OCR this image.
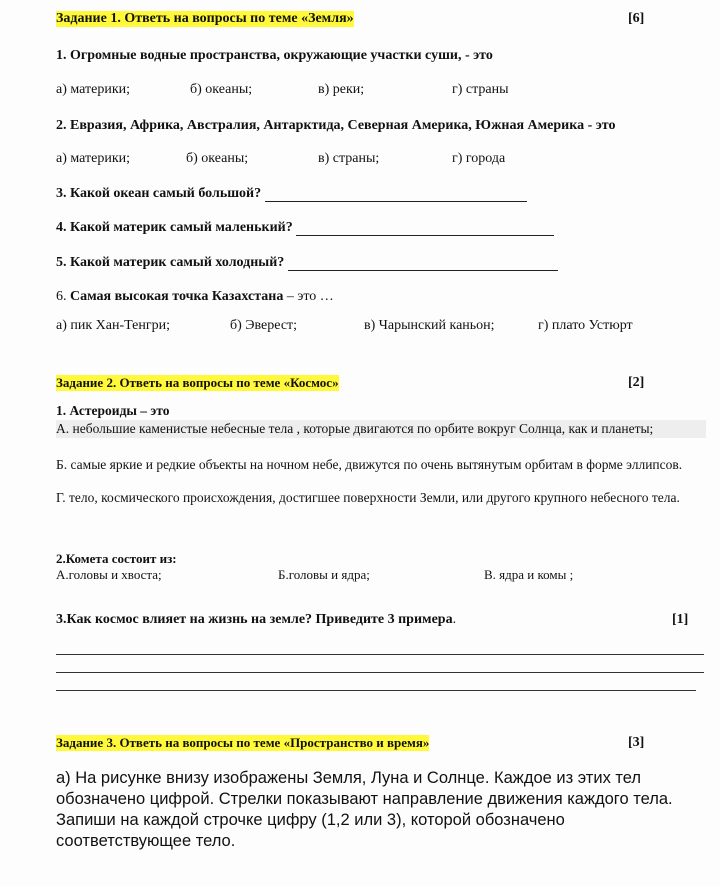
Задание 1. Ответь на вопросы по теме «Земля»	[6]
1. Огромные водные пространства, окружающие участки суши, - это
а) материки;	б) океаны;	в) реки;	г) страны
2. Евразия, Африка, Австралия, Антарктида, Северная Америка, Южная Америка - это
а) материки;	б) океаны;	в) страны;	г) города
3. Какой океан самый большой?
4. Какой материк самый маленький?
5. Какой материк самый холодный?
6. Самая высокая точка Казахстана – это …
а) пик Хан-Тенгри;	б) Эверест;	в) Чарынский каньон;	г) плато Устюрт
Задание 2. Ответь на вопросы по теме «Космос»	[2]
1. Астероиды – это
А. небольшие каменистые небесные тела , которые двигаются по орбите вокруг Солнца, как и планеты;
Б. самые яркие и редкие объекты на ночном небе, движутся по очень вытянутым орбитам в форме эллипсов.
Г. тело, космического происхождения, достигшее поверхности Земли, или другого крупного небесного тела.
2.Комета состоит из:
А.головы и хвоста;	Б.головы и ядра;	В. ядра и комы ;
3.Как космос влияет на жизнь на земле? Приведите 3 примера.	[1]
Задание 3. Ответь на вопросы по теме «Пространство и время»	[3]
а) На рисунке внизу изображены Земля, Луна и Солнце. Каждое из этих тел обозначено цифрой. Стрелки показывают направление движения каждого тела. Запиши на каждой строчке цифру (1,2 или 3), которой обозначено соответствующее тело.
